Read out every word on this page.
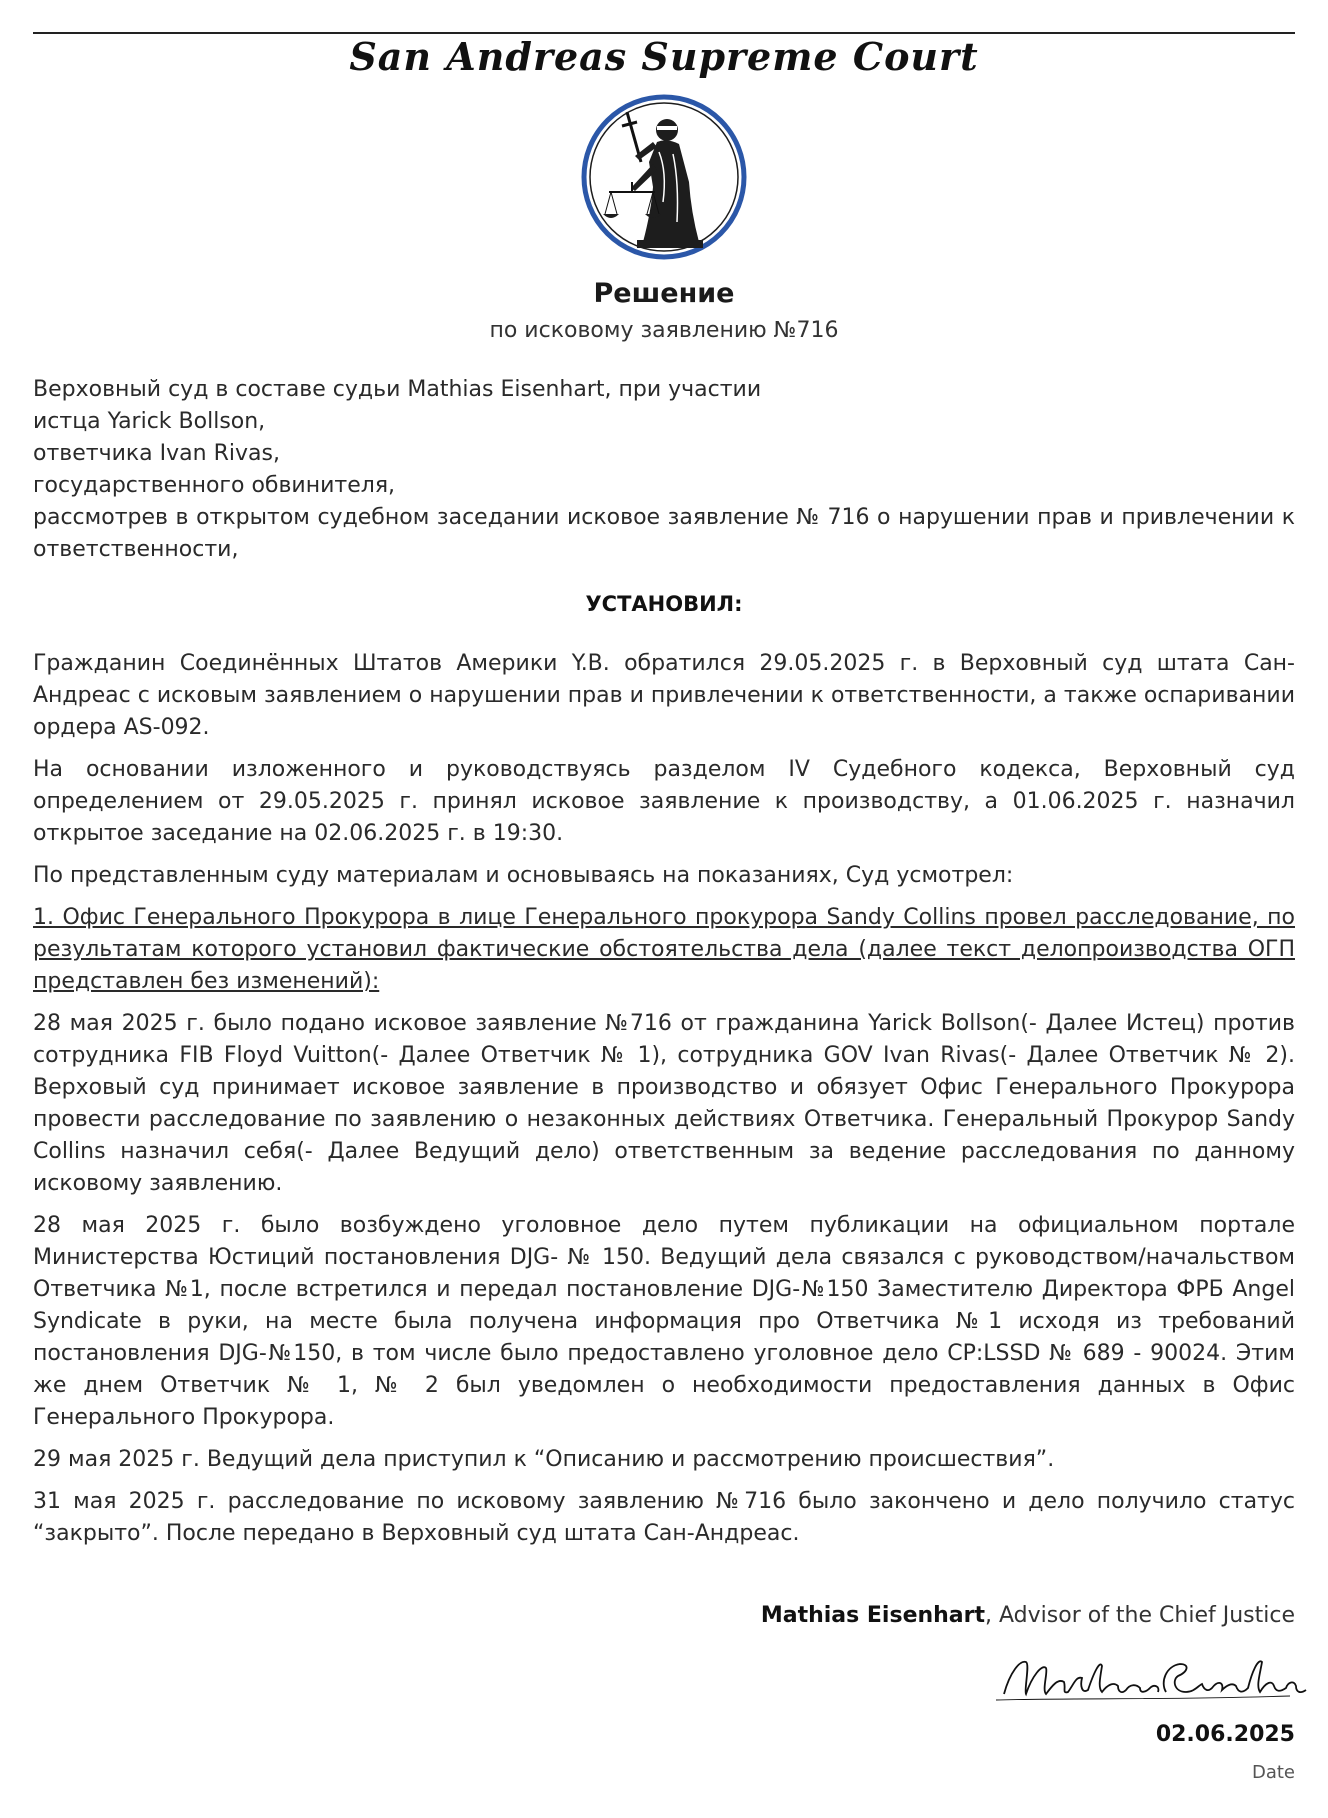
San Andreas Supreme Court
Решение
по исковому заявлению №716

Верховный суд в составе судьи Mathias Eisenhart, при участии

истца Yarick Bollson,

ответчика Ivan Rivas,

государственного обвинителя,

рассмотрев в открытом судебном заседании исковое заявление № 716 о нарушении прав и привлечении к ответственности,

УСТАНОВИЛ:

Гражданин Соединённых Штатов Америки Y.B. обратился 29.05.2025 г. в Верховный суд штата Сан-Андреас с исковым заявлением о нарушении прав и привлечении к ответственности, а также оспаривании ордера AS-092.

На основании изложенного и руководствуясь разделом IV Судебного кодекса, Верховный суд определением от 29.05.2025 г. принял исковое заявление к производству, а 01.06.2025 г. назначил открытое заседание на 02.06.2025 г. в 19:30.

По представленным суду материалам и основываясь на показаниях, Суд усмотрел:

1. Офис Генерального Прокурора в лице Генерального прокурора Sandy Collins провел расследование, по результатам которого установил фактические обстоятельства дела (далее текст делопроизводства ОГП представлен без изменений):

28 мая 2025 г. было подано исковое заявление №716 от гражданина Yarick Bollson(- Далее Истец) против сотрудника FIB Floyd Vuitton(- Далее Ответчик № 1), сотрудника GOV Ivan Rivas(- Далее Ответчик № 2). Верховый суд принимает исковое заявление в производство и обязует Офис Генерального Прокурора провести расследование по заявлению о незаконных действиях Ответчика. Генеральный Прокурор Sandy Collins назначил себя(- Далее Ведущий дело) ответственным за ведение расследования по данному исковому заявлению.

28 мая 2025 г. было возбуждено уголовное дело путем публикации на официальном портале Министерства Юстиций постановления DJG- № 150. Ведущий дела связался с руководством/начальством Ответчика №1, после встретился и передал постановление DJG-№150 Заместителю Директора ФРБ Angel Syndicate в руки, на месте была получена информация про Ответчика №1 исходя из требований постановления DJG-№150, в том числе было предоставлено уголовное дело CP:LSSD № 689 - 90024. Этим же днем Ответчик № 1, № 2 был уведомлен о необходимости предоставления данных в Офис Генерального Прокурора.

29 мая 2025 г. Ведущий дела приступил к “Описанию и рассмотрению происшествия”.

31 мая 2025 г. расследование по исковому заявлению №716 было закончено и дело получило статус “закрыто”. После передано в Верховный суд штата Сан-Андреас.

Mathias Eisenhart, Advisor of the Chief Justice
02.06.2025
Date
